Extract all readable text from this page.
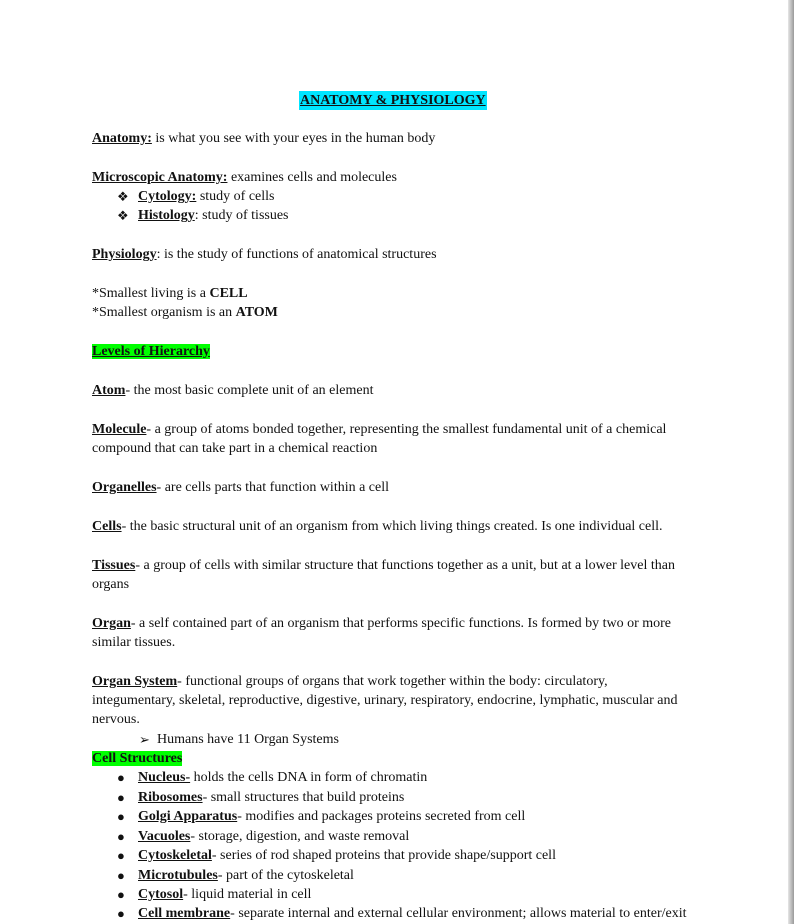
ANATOMY & PHYSIOLOGY
Anatomy: is what you see with your eyes in the human body
Microscopic Anatomy: examines cells and molecules
❖ Cytology: study of cells
❖ Histology: study of tissues
Physiology: is the study of functions of anatomical structures
*Smallest living is a CELL
*Smallest organism is an ATOM
Levels of Hierarchy
Atom- the most basic complete unit of an element
Molecule- a group of atoms bonded together, representing the smallest fundamental unit of a chemical
compound that can take part in a chemical reaction
Organelles- are cells parts that function within a cell
Cells- the basic structural unit of an organism from which living things created. Is one individual cell.
Tissues- a group of cells with similar structure that functions together as a unit, but at a lower level than
organs
Organ- a self contained part of an organism that performs specific functions. Is formed by two or more
similar tissues.
Organ System- functional groups of organs that work together within the body: circulatory,
integumentary, skeletal, reproductive, digestive, urinary, respiratory, endocrine, lymphatic, muscular and
nervous.
➢ Humans have 11 Organ Systems
Cell Structures
● Nucleus- holds the cells DNA in form of chromatin
● Ribosomes- small structures that build proteins
● Golgi Apparatus- modifies and packages proteins secreted from cell
● Vacuoles- storage, digestion, and waste removal
● Cytoskeletal- series of rod shaped proteins that provide shape/support cell
● Microtubules- part of the cytoskeletal
● Cytosol- liquid material in cell
● Cell membrane- separate internal and external cellular environment; allows material to enter/exit
